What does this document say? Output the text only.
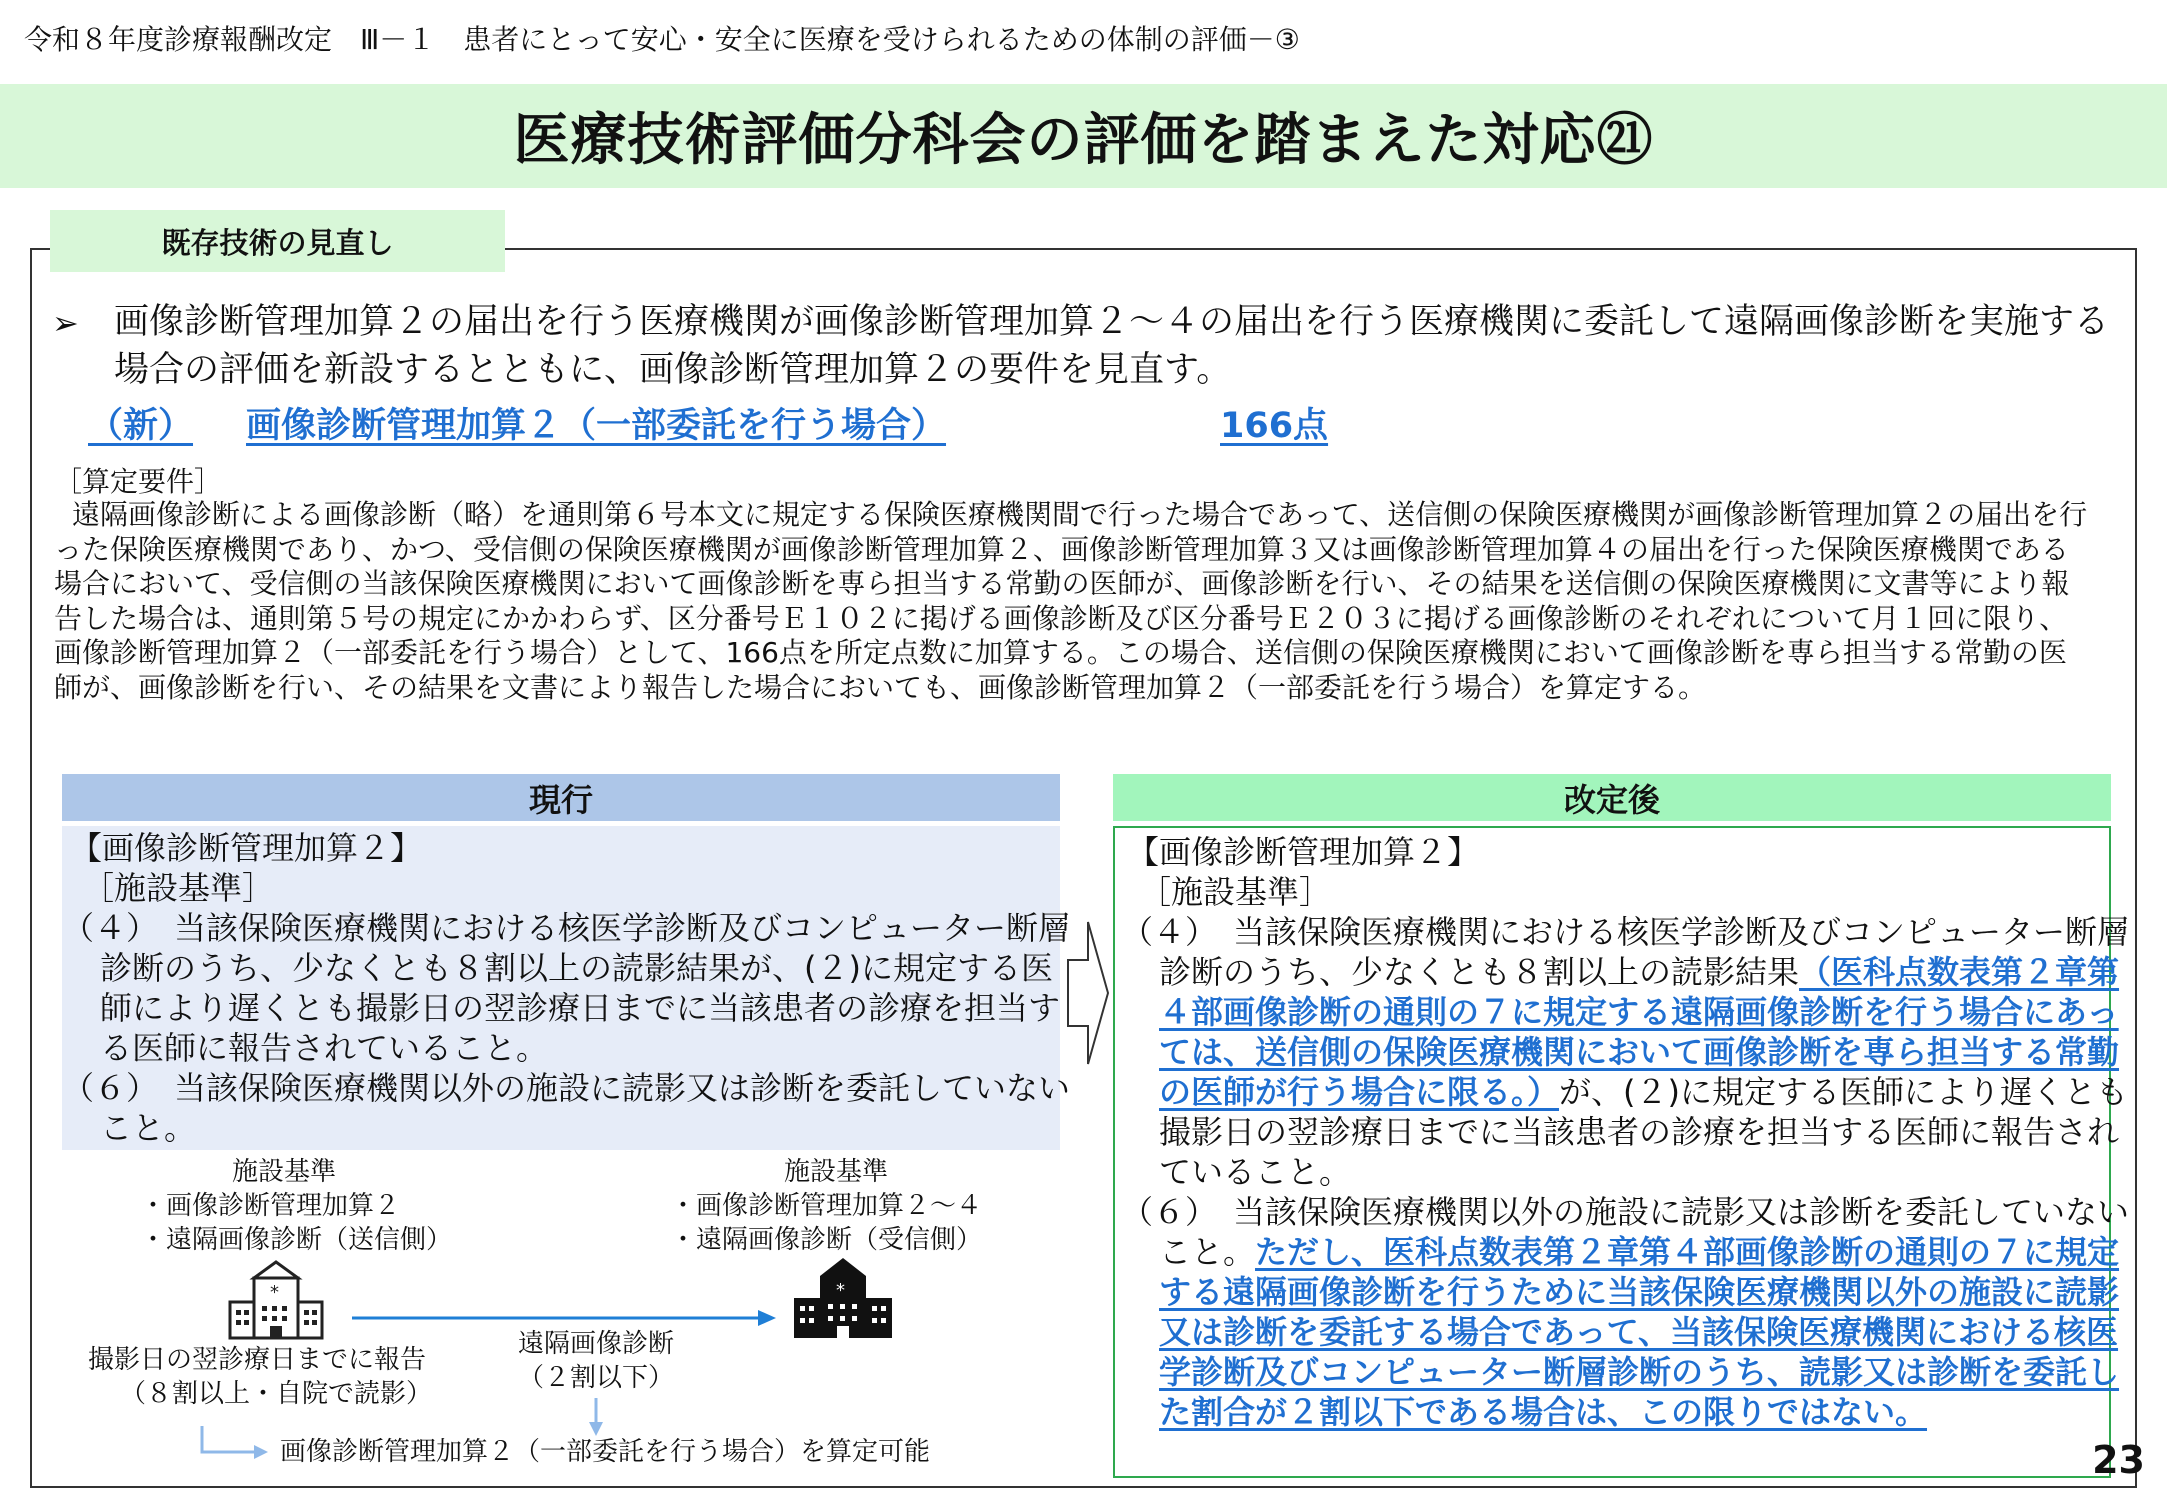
令和８年度診療報酬改定　Ⅲ－１　患者にとって安心・安全に医療を受けられるための体制の評価－③
医療技術評価分科会の評価を踏まえた対応㉑
既存技術の見直し
➢ 画像診断管理加算２の届出を行う医療機関が画像診断管理加算２～４の届出を行う医療機関に委託して遠隔画像診断を実施する場合の評価を新設するとともに、画像診断管理加算２の要件を見直す。
（新） 画像診断管理加算２（一部委託を行う場合）	166点
［算定要件］
遠隔画像診断による画像診断（略）を通則第６号本文に規定する保険医療機関間で行った場合であって、送信側の保険医療機関が画像診断管理加算２の届出を行った保険医療機関であり、かつ、受信側の保険医療機関が画像診断管理加算２、画像診断管理加算３又は画像診断管理加算４の届出を行った保険医療機関である場合において、受信側の当該保険医療機関において画像診断を専ら担当する常勤の医師が、画像診断を行い、その結果を送信側の保険医療機関に文書等により報告した場合は、通則第５号の規定にかかわらず、区分番号Ｅ１０２に掲げる画像診断及び区分番号Ｅ２０３に掲げる画像診断のそれぞれについて月１回に限り、画像診断管理加算２（一部委託を行う場合）として、166点を所定点数に加算する。この場合、送信側の保険医療機関において画像診断を専ら担当する常勤の医師が、画像診断を行い、その結果を文書により報告した場合においても、画像診断管理加算２（一部委託を行う場合）を算定する。
現行	改定後
【画像診断管理加算２】
［施設基準］
（４）　当該保険医療機関における核医学診断及びコンピューター断層診断のうち、少なくとも８割以上の読影結果が、(２)に規定する医師により遅くとも撮影日の翌診療日までに当該患者の診療を担当する医師に報告されていること。
（６）　当該保険医療機関以外の施設に読影又は診断を委託していないこと。
【画像診断管理加算２】
［施設基準］
（４）　当該保険医療機関における核医学診断及びコンピューター断層診断のうち、少なくとも８割以上の読影結果（医科点数表第２章第４部画像診断の通則の７に規定する遠隔画像診断を行う場合にあっては、送信側の保険医療機関において画像診断を専ら担当する常勤の医師が行う場合に限る。）が、(２)に規定する医師により遅くとも撮影日の翌診療日までに当該患者の診療を担当する医師に報告されていること。
（６）　当該保険医療機関以外の施設に読影又は診断を委託していないこと。ただし、医科点数表第２章第４部画像診断の通則の７に規定する遠隔画像診断を行うために当該保険医療機関以外の施設に読影又は診断を委託する場合であって、当該保険医療機関における核医学診断及びコンピューター断層診断のうち、読影又は診断を委託した割合が２割以下である場合は、この限りではない。
施設基準
・画像診断管理加算２
・遠隔画像診断（送信側）
施設基準
・画像診断管理加算２～４
・遠隔画像診断（受信側）
*	*
撮影日の翌診療日までに報告
（８割以上・自院で読影）
遠隔画像診断
（２割以下）
画像診断管理加算２（一部委託を行う場合）を算定可能	23
